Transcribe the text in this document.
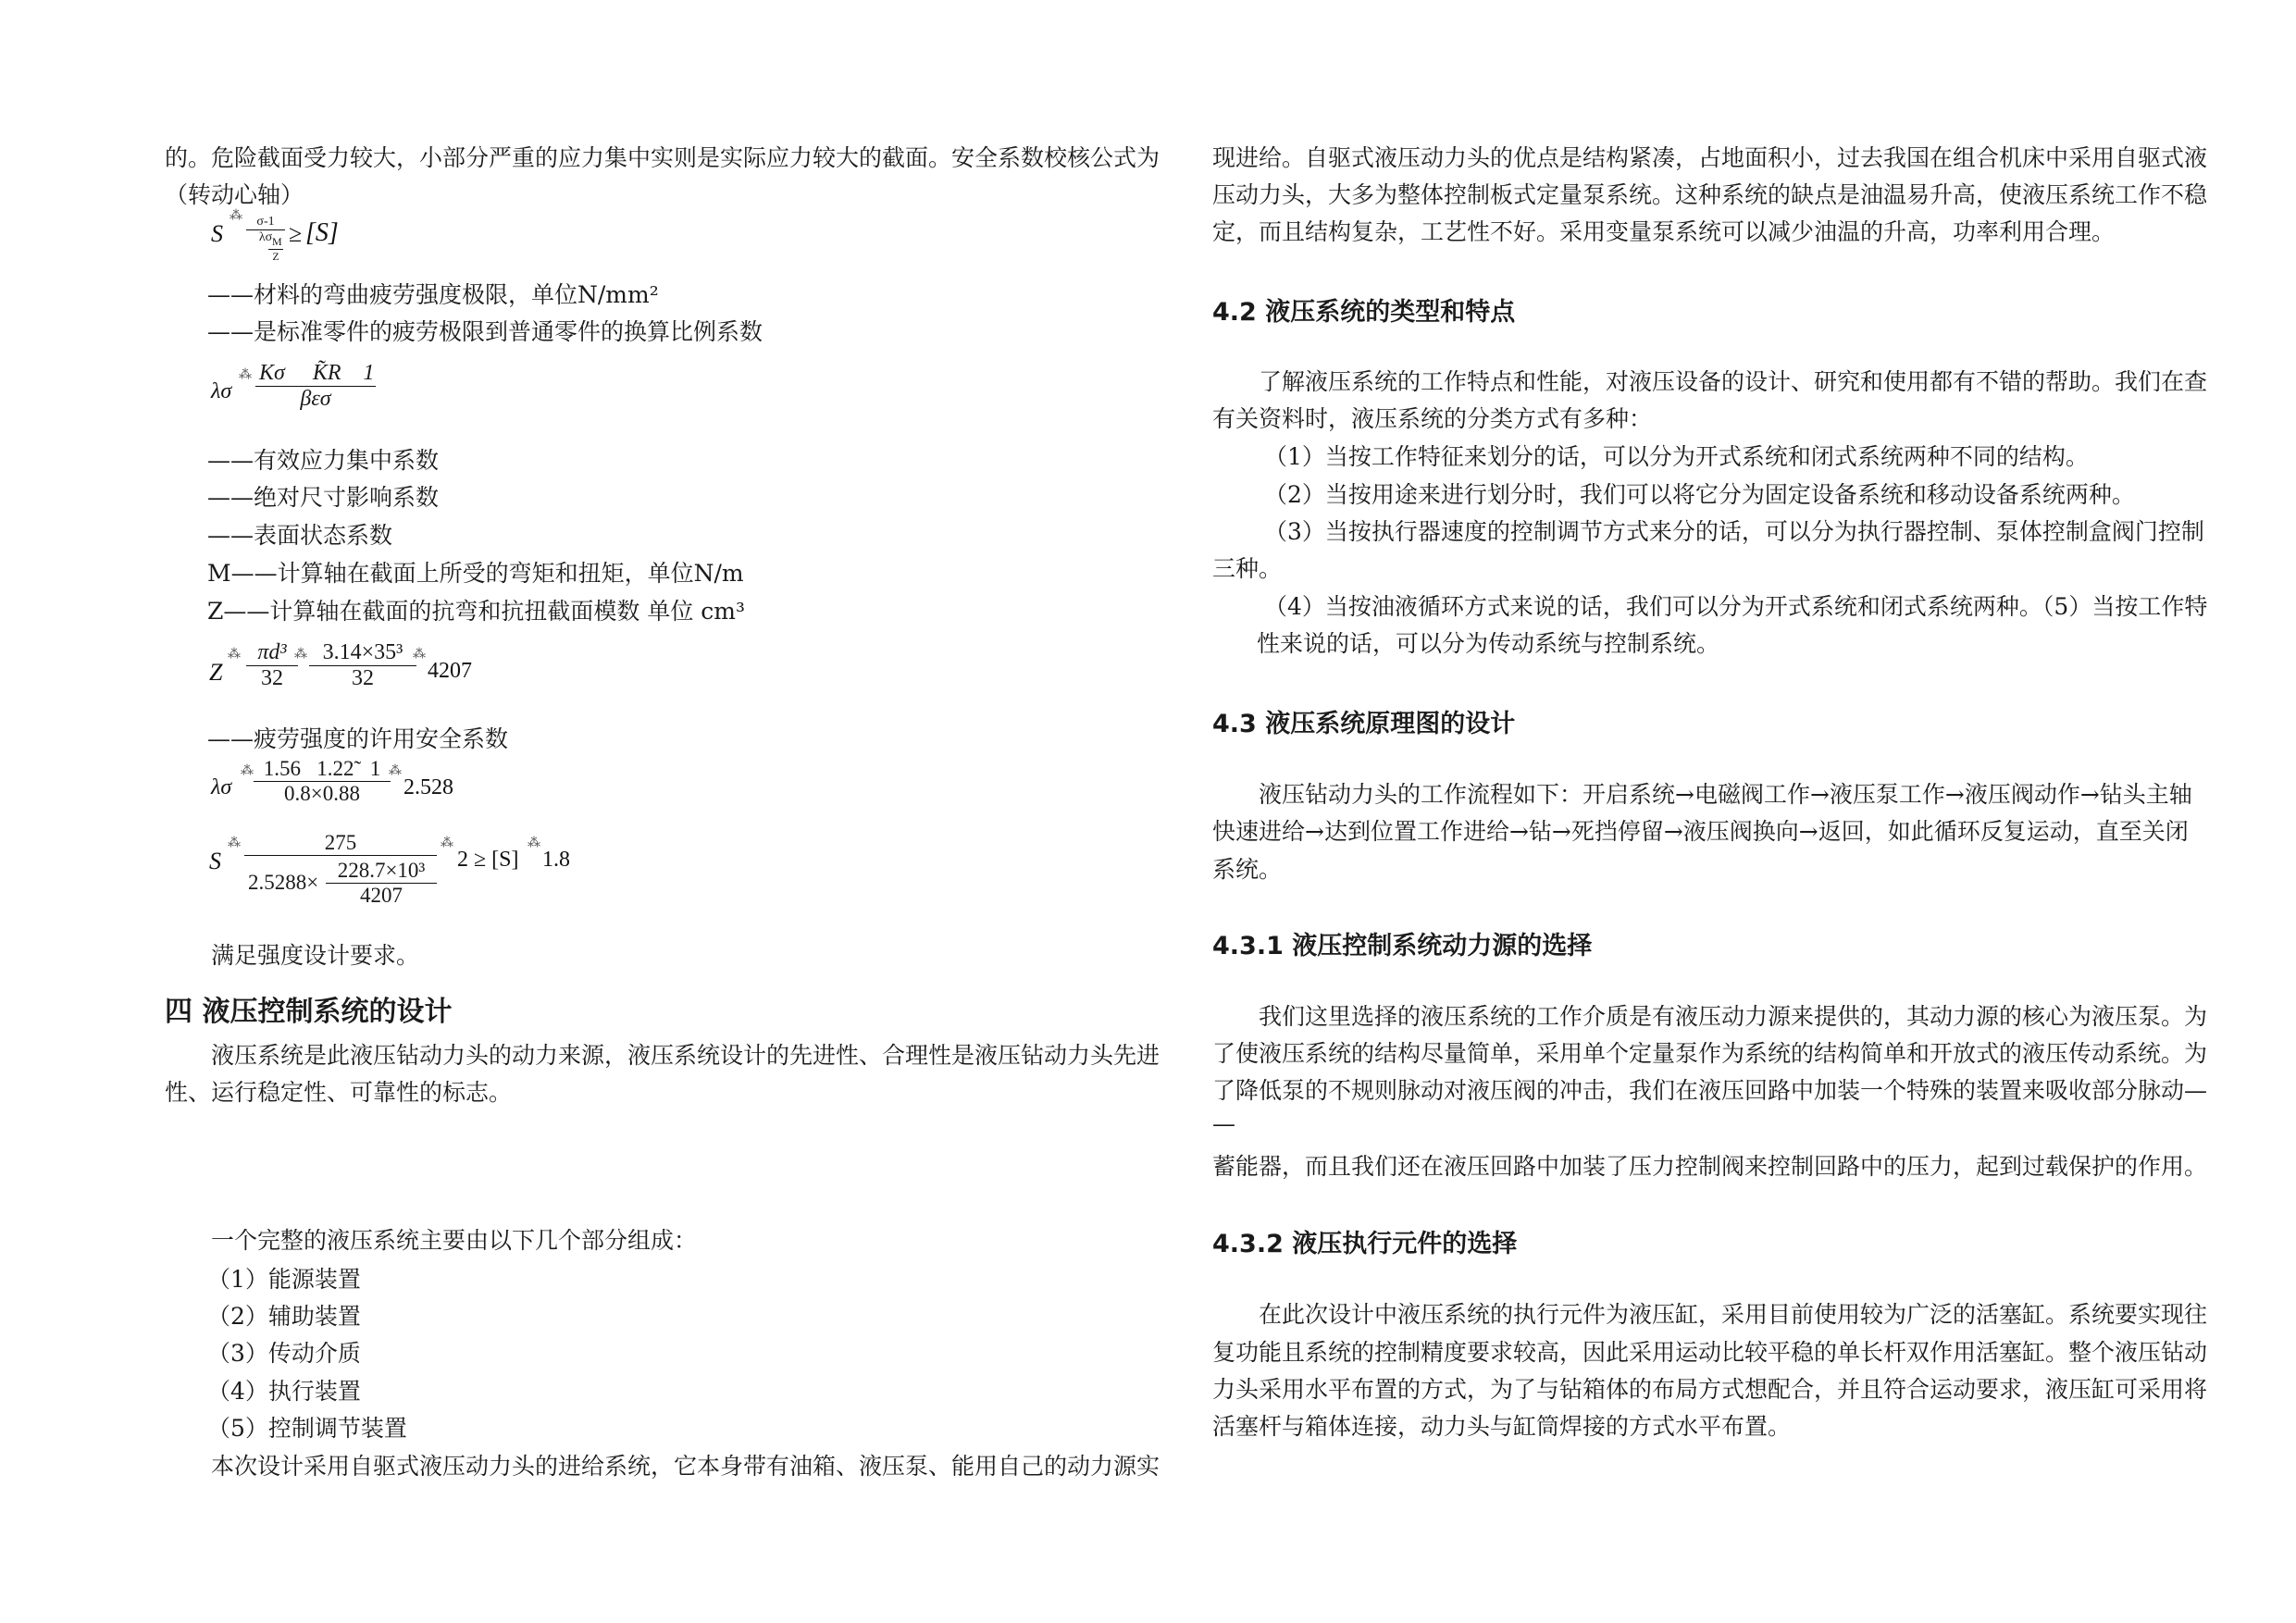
的。危险截面受力较大，小部分严重的应力集中实则是实际应力较大的截面。安全系数校核公式为
（转动心轴）
S
⁂ $\frac{\sigma-1}{\lambda\sigma}$
$\frac{M}{Z}$
≥ [S]
——材料的弯曲疲劳强度极限，单位N/mm²
——是标准零件的疲劳极限到普通零件的换算比例系数
λσ
⁂ Kσ     K̃R    1
βεσ
——有效应力集中系数
——绝对尺寸影响系数
——表面状态系数
M——计算轴在截面上所受的弯矩和扭矩，单位N/m
Z——计算轴在截面的抗弯和抗扭截面模数 单位 cm³
Z
⁂ $\frac{\text{πd³}}{32}$
⁂ $\frac{\text{3.14×35³}}{32}$
⁂
4207
——疲劳强度的许用安全系数
λσ
⁂ $\frac{1.56 1.22̃ 1}{0.8\times 0.88}$
⁂
2.528
S
⁂ $\frac{275}{2.5288\times}$
$\frac{\text{228.7×10³}}{4207}$
⁂
2 ≥ [S]
⁂
1.8
满足强度设计要求。
四 液压控制系统的设计
液压系统是此液压钻动力头的动力来源，液压系统设计的先进性、合理性是液压钻动力头先进
性、运行稳定性、可靠性的标志。
一个完整的液压系统主要由以下几个部分组成：
（1）能源装置
（2）辅助装置
（3）传动介质
（4）执行装置
（5）控制调节装置
本次设计采用自驱式液压动力头的进给系统，它本身带有油箱、液压泵、能用自己的动力源实
现进给。自驱式液压动力头的优点是结构紧凑，占地面积小，过去我国在组合机床中采用自驱式液
压动力头，大多为整体控制板式定量泵系统。这种系统的缺点是油温易升高，使液压系统工作不稳
定，而且结构复杂，工艺性不好。采用变量泵系统可以减少油温的升高，功率利用合理。
4.2 液压系统的类型和特点
了解液压系统的工作特点和性能，对液压设备的设计、研究和使用都有不错的帮助。我们在查
有关资料时，液压系统的分类方式有多种：
（1）当按工作特征来划分的话，可以分为开式系统和闭式系统两种不同的结构。
（2）当按用途来进行划分时，我们可以将它分为固定设备系统和移动设备系统两种。
（3）当按执行器速度的控制调节方式来分的话，可以分为执行器控制、泵体控制盒阀门控制
三种。
（4）当按油液循环方式来说的话，我们可以分为开式系统和闭式系统两种。（5）当按工作特
性来说的话，可以分为传动系统与控制系统。
4.3 液压系统原理图的设计
液压钻动力头的工作流程如下：开启系统→电磁阀工作→液压泵工作→液压阀动作→钻头主轴
快速进给→达到位置工作进给→钻→死挡停留→液压阀换向→返回，如此循环反复运动，直至关闭
系统。
4.3.1 液压控制系统动力源的选择
我们这里选择的液压系统的工作介质是有液压动力源来提供的，其动力源的核心为液压泵。为
了使液压系统的结构尽量简单，采用单个定量泵作为系统的结构简单和开放式的液压传动系统。为
了降低泵的不规则脉动对液压阀的冲击，我们在液压回路中加装一个特殊的装置来吸收部分脉动—
—
蓄能器，而且我们还在液压回路中加装了压力控制阀来控制回路中的压力，起到过载保护的作用。
4.3.2 液压执行元件的选择
在此次设计中液压系统的执行元件为液压缸，采用目前使用较为广泛的活塞缸。系统要实现往
复功能且系统的控制精度要求较高，因此采用运动比较平稳的单长杆双作用活塞缸。整个液压钻动
力头采用水平布置的方式，为了与钻箱体的布局方式想配合，并且符合运动要求，液压缸可采用将
活塞杆与箱体连接，动力头与缸筒焊接的方式水平布置。
